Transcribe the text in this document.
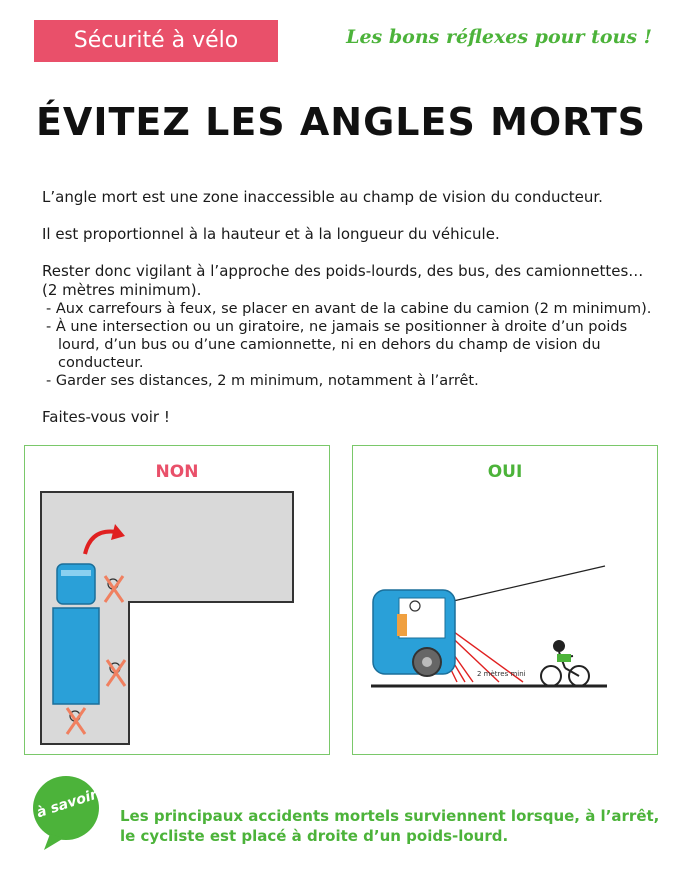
Sécurité à vélo	Les bons réflexes pour tous !
ÉVITEZ LES ANGLES MORTS

L’angle mort est une zone inaccessible au champ de vision du conducteur.

Il est proportionnel à la hauteur et à la longueur du véhicule.

Rester donc vigilant à l’approche des poids-lourds, des bus, des camionnettes… (2 mètres minimum).

- Aux carrefours à feux, se placer en avant de la cabine du camion (2 m minimum).
- À une intersection ou un giratoire, ne jamais se positionner à droite d’un poids lourd, d’un bus ou d’une camionnette, ni en dehors du champ de vision du conducteur.
- Garder ses distances, 2 m minimum, notamment à l’arrêt.

Faites-vous voir !

NON	OUI
2 mètres mini
à savoir Les principaux accidents mortels surviennent lorsque, à l’arrêt,

le cycliste est placé à droite d’un poids-lourd.
